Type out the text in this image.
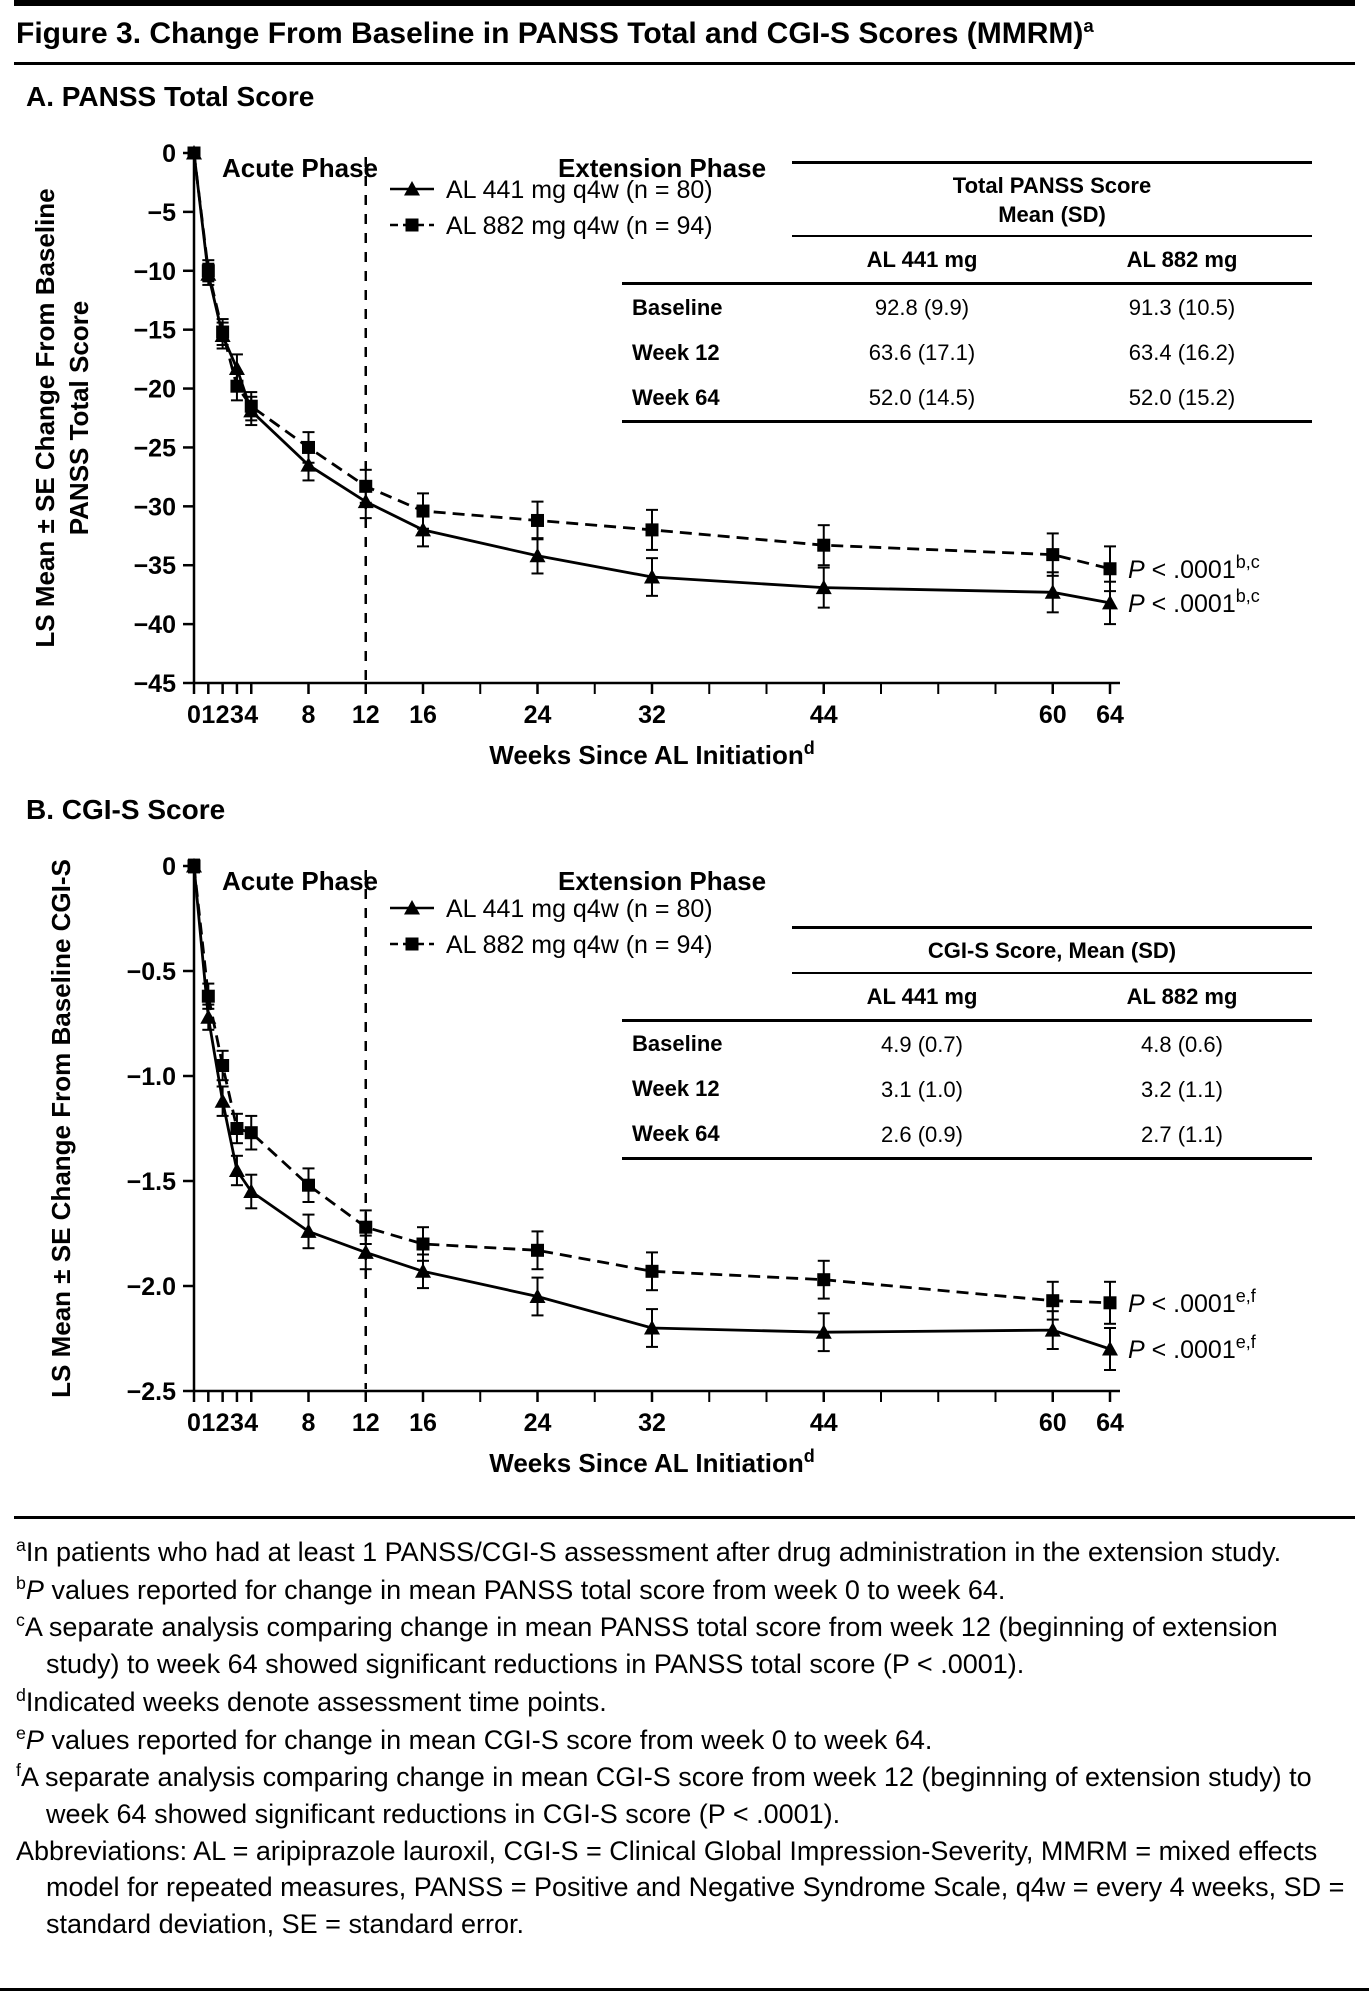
Figure 3. Change From Baseline in PANSS Total and CGI-S Scores (MMRM)$^a$
A. PANSS Total Score
0
−5
−10
−15
−20
−25
−30
−35
−40
−45
0 1 2 3 4 8 12 16	24	32	44	60 64
Weeks Since AL Initiation$^d$
LS Mean ± SE Change From Baseline PANSS Total Score
Acute Phase	Extension Phase
$P < .0001^{b,c}$
$P < .0001^{b,c}$
AL 441 mg q4w (n = 80)
AL 882 mg q4w (n = 94)
Total PANSS Score
Mean (SD)
AL 441 mg	AL 882 mg
Baseline	92.8 (9.9)	91.3 (10.5)
Week 12	63.6 (17.1)	63.4 (16.2)
Week 64	52.0 (14.5)	52.0 (15.2)
B. CGI-S Score
0
−0.5
−1.0
−1.5
−2.0
−2.5
0 1 2 3 4 8 12 16	24	32	44	60 64
Weeks Since AL Initiation$^d$
LS Mean ± SE Change From Baseline CGI-S	Acute Phase	Extension Phase
$P < .0001^{e,f}$
$P < .0001^{e,f}$
AL 441 mg q4w (n = 80)
AL 882 mg q4w (n = 94)	CGI-S Score, Mean (SD)
AL 441 mg	AL 882 mg
Baseline	4.9 (0.7)	4.8 (0.6)
Week 12	3.1 (1.0)	3.2 (1.1)
Week 64	2.6 (0.9)	2.7 (1.1)
$^a$In patients who had at least 1 PANSS/CGI-S assessment after drug administration in the extension study.
$^b$P values reported for change in mean PANSS total score from week 0 to week 64.
$^c$A separate analysis comparing change in mean PANSS total score from week 12 (beginning of extension study) to week 64 showed significant reductions in PANSS total score (P < .0001).
$^d$Indicated weeks denote assessment time points.
$^e$P values reported for change in mean CGI-S score from week 0 to week 64.
$^f$A separate analysis comparing change in mean CGI-S score from week 12 (beginning of extension study) to week 64 showed significant reductions in CGI-S score (P < .0001).
Abbreviations: AL = aripiprazole lauroxil, CGI-S = Clinical Global Impression-Severity, MMRM = mixed effects model for repeated measures, PANSS = Positive and Negative Syndrome Scale, q4w = every 4 weeks, SD = standard deviation, SE = standard error.
